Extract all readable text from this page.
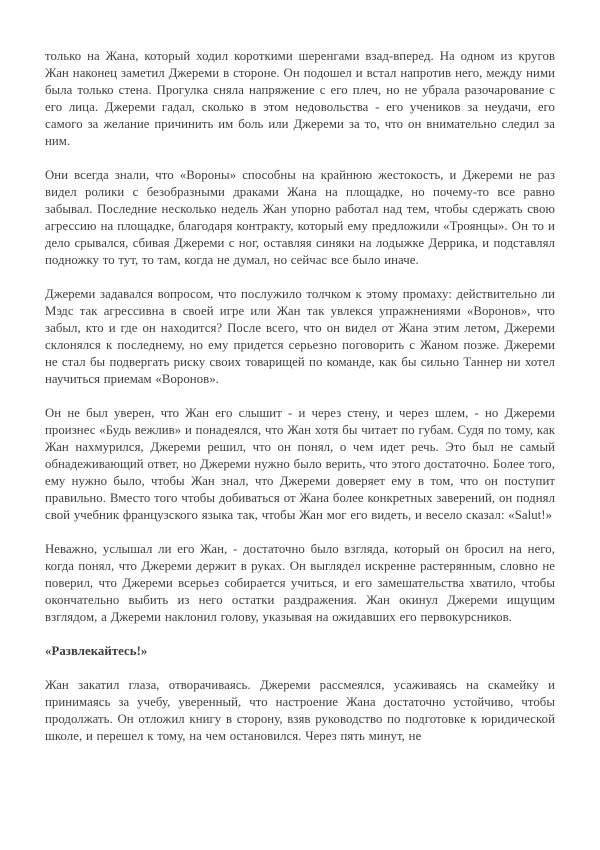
только на Жана, который ходил короткими шеренгами взад-вперед. На одном из кругов Жан наконец заметил Джереми в стороне. Он подошел и встал напротив него, между ними была только стена. Прогулка сняла напряжение с его плеч, но не убрала разочарование с его лица. Джереми гадал, сколько в этом недовольства - его учеников за неудачи, его самого за желание причинить им боль или Джереми за то, что он внимательно следил за ним.

Они всегда знали, что «Вороны» способны на крайнюю жестокость, и Джереми не раз видел ролики с безобразными драками Жана на площадке, но почему-то все равно забывал. Последние несколько недель Жан упорно работал над тем, чтобы сдержать свою агрессию на площадке, благодаря контракту, который ему предложили «Троянцы». Он то и дело срывался, сбивая Джереми с ног, оставляя синяки на лодыжке Деррика, и подставлял подножку то тут, то там, когда не думал, но сейчас все было иначе.

Джереми задавался вопросом, что послужило толчком к этому промаху: действительно ли Мэдс так агрессивна в своей игре или Жан так увлекся упражнениями «Воронов», что забыл, кто и где он находится? После всего, что он видел от Жана этим летом, Джереми склонялся к последнему, но ему придется серьезно поговорить с Жаном позже. Джереми не стал бы подвергать риску своих товарищей по команде, как бы сильно Таннер ни хотел научиться приемам «Воронов».

Он не был уверен, что Жан его слышит - и через стену, и через шлем, - но Джереми произнес «Будь вежлив» и понадеялся, что Жан хотя бы читает по губам. Судя по тому, как Жан нахмурился, Джереми решил, что он понял, о чем идет речь. Это был не самый обнадеживающий ответ, но Джереми нужно было верить, что этого достаточно. Более того, ему нужно было, чтобы Жан знал, что Джереми доверяет ему в том, что он поступит правильно. Вместо того чтобы добиваться от Жана более конкретных заверений, он поднял свой учебник французского языка так, чтобы Жан мог его видеть, и весело сказал: «Salut!»

Неважно, услышал ли его Жан, - достаточно было взгляда, который он бросил на него, когда понял, что Джереми держит в руках. Он выглядел искренне растерянным, словно не поверил, что Джереми всерьез собирается учиться, и его замешательства хватило, чтобы окончательно выбить из него остатки раздражения. Жан окинул Джереми ищущим взглядом, а Джереми наклонил голову, указывая на ожидавших его первокурсников.

«Развлекайтесь!»

Жан закатил глаза, отворачиваясь. Джереми рассмеялся, усаживаясь на скамейку и принимаясь за учебу, уверенный, что настроение Жана достаточно устойчиво, чтобы продолжать. Он отложил книгу в сторону, взяв руководство по подготовке к юридической школе, и перешел к тому, на чем остановился. Через пять минут, не
